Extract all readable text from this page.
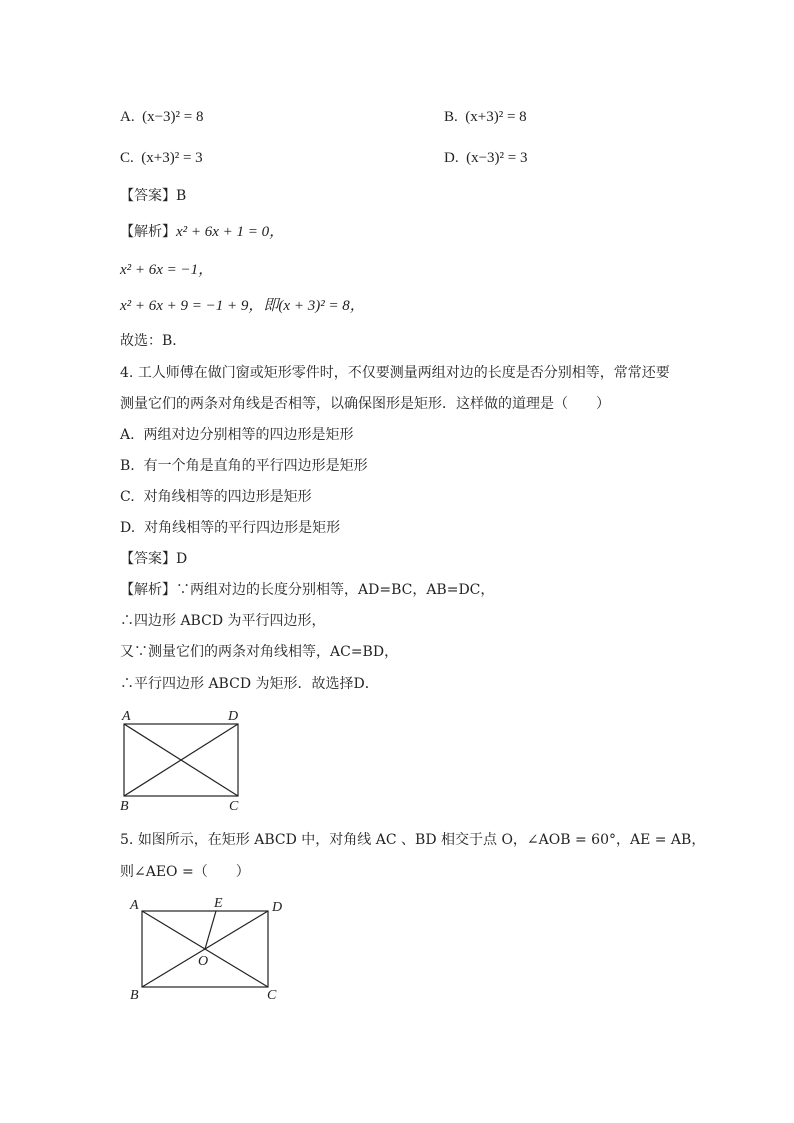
A. (x−3)² = 8	B. (x+3)² = 8
C. (x+3)² = 3	D. (x−3)² = 3
【答案】B
【解析】x² + 6x + 1 = 0，
x² + 6x = −1，
x² + 6x + 9 = −1 + 9，即(x + 3)² = 8，
故选：B．
4. 工人师傅在做门窗或矩形零件时，不仅要测量两组对边的长度是否分别相等，常常还要
测量它们的两条对角线是否相等，以确保图形是矩形．这样做的道理是（　　）
A. 两组对边分别相等的四边形是矩形
B. 有一个角是直角的平行四边形是矩形
C. 对角线相等的四边形是矩形
D. 对角线相等的平行四边形是矩形
【答案】D
【解析】∵两组对边的长度分别相等，AD=BC，AB=DC，
∴四边形 ABCD 为平行四边形，
又∵测量它们的两条对角线相等，AC=BD，
∴平行四边形 ABCD 为矩形．故选择D．
A	D
B	C
5. 如图所示，在矩形 ABCD 中，对角线 AC 、BD 相交于点 O，∠AOB = 60°，AE = AB，
则∠AEO =（　　）
A	E	D
O
B	C
